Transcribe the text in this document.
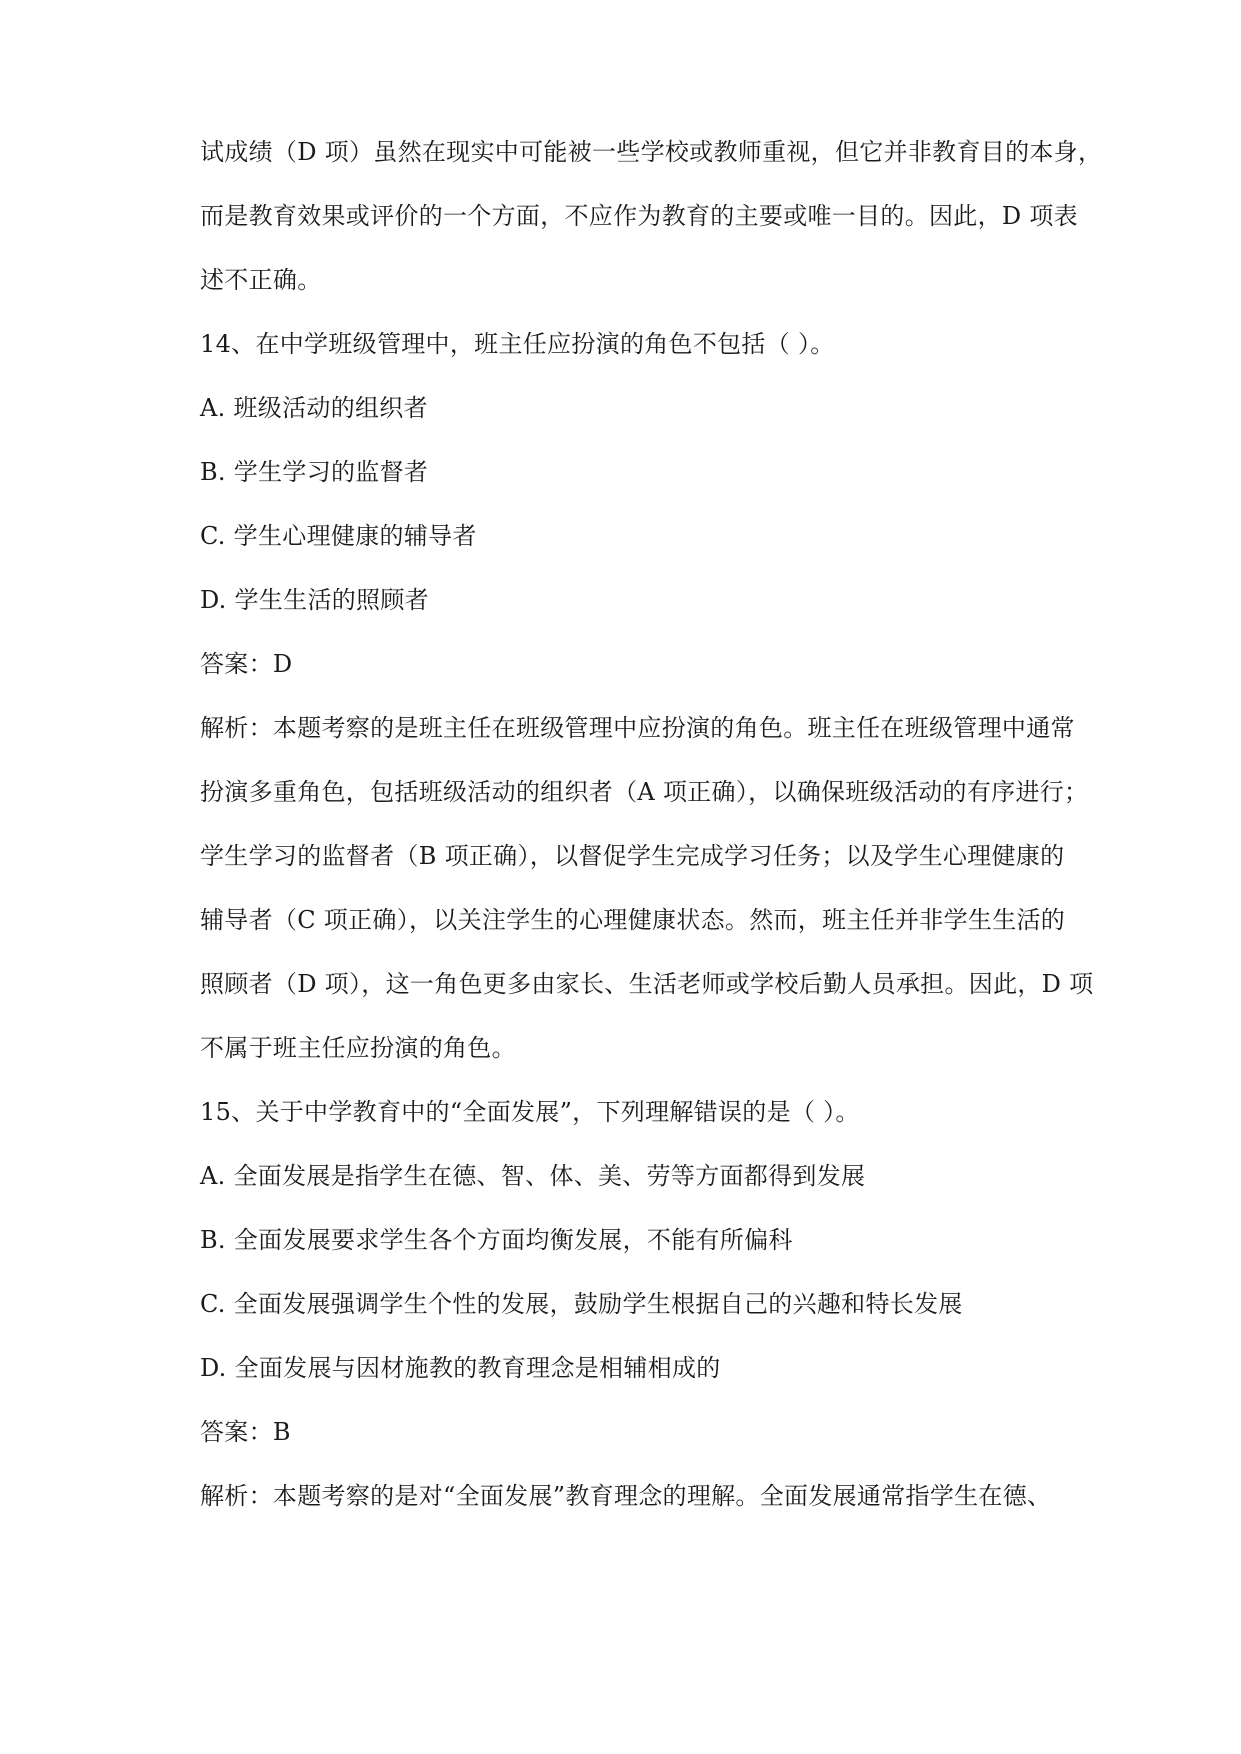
试成绩（D 项）虽然在现实中可能被一些学校或教师重视，但它并非教育目的本身，

而是教育效果或评价的一个方面，不应作为教育的主要或唯一目的。因此，D 项表

述不正确。

14、在中学班级管理中，班主任应扮演的角色不包括（ ）。

A. 班级活动的组织者

B. 学生学习的监督者

C. 学生心理健康的辅导者

D. 学生生活的照顾者

答案：D

解析：本题考察的是班主任在班级管理中应扮演的角色。班主任在班级管理中通常

扮演多重角色，包括班级活动的组织者（A 项正确），以确保班级活动的有序进行；

学生学习的监督者（B 项正确），以督促学生完成学习任务；以及学生心理健康的

辅导者（C 项正确），以关注学生的心理健康状态。然而，班主任并非学生生活的

照顾者（D 项），这一角色更多由家长、生活老师或学校后勤人员承担。因此，D 项

不属于班主任应扮演的角色。

15、关于中学教育中的“全面发展”，下列理解错误的是（ ）。

A. 全面发展是指学生在德、智、体、美、劳等方面都得到发展

B. 全面发展要求学生各个方面均衡发展，不能有所偏科

C. 全面发展强调学生个性的发展，鼓励学生根据自己的兴趣和特长发展

D. 全面发展与因材施教的教育理念是相辅相成的

答案：B

解析：本题考察的是对“全面发展”教育理念的理解。全面发展通常指学生在德、
